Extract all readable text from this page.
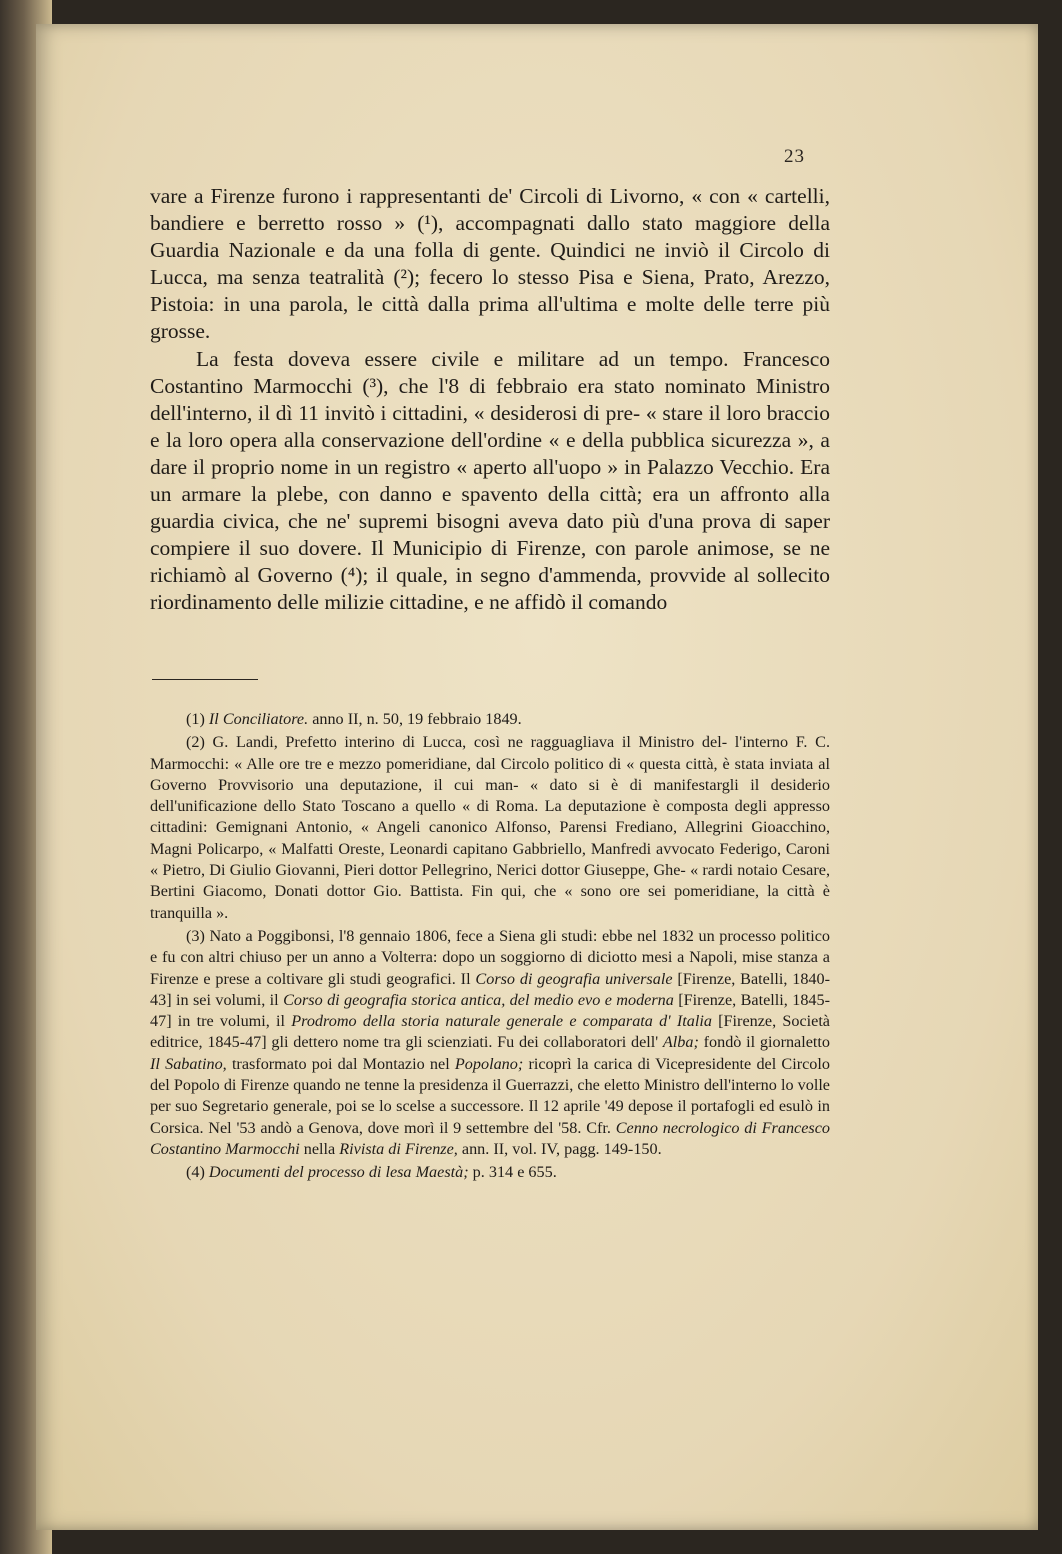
23

vare a Firenze furono i rappresentanti de' Circoli di Livorno, « con « cartelli, bandiere e berretto rosso » (¹), accompagnati dallo stato maggiore della Guardia Nazionale e da una folla di gente. Quindici ne inviò il Circolo di Lucca, ma senza teatralità (²); fecero lo stesso Pisa e Siena, Prato, Arezzo, Pistoia: in una parola, le città dalla prima all'ultima e molte delle terre più grosse.

La festa doveva essere civile e militare ad un tempo. Francesco Costantino Marmocchi (³), che l'8 di febbraio era stato nominato Ministro dell'interno, il dì 11 invitò i cittadini, « desiderosi di pre- « stare il loro braccio e la loro opera alla conservazione dell'ordine « e della pubblica sicurezza », a dare il proprio nome in un registro « aperto all'uopo » in Palazzo Vecchio. Era un armare la plebe, con danno e spavento della città; era un affronto alla guardia civica, che ne' supremi bisogni aveva dato più d'una prova di saper compiere il suo dovere. Il Municipio di Firenze, con parole animose, se ne richiamò al Governo (⁴); il quale, in segno d'ammenda, provvide al sollecito riordinamento delle milizie cittadine, e ne affidò il comando

(1) Il Conciliatore. anno II, n. 50, 19 febbraio 1849.

(2) G. Landi, Prefetto interino di Lucca, così ne ragguagliava il Ministro del- l'interno F. C. Marmocchi: « Alle ore tre e mezzo pomeridiane, dal Circolo politico di « questa città, è stata inviata al Governo Provvisorio una deputazione, il cui man- « dato si è di manifestargli il desiderio dell'unificazione dello Stato Toscano a quello « di Roma. La deputazione è composta degli appresso cittadini: Gemignani Antonio, « Angeli canonico Alfonso, Parensi Frediano, Allegrini Gioacchino, Magni Policarpo, « Malfatti Oreste, Leonardi capitano Gabbriello, Manfredi avvocato Federigo, Caroni « Pietro, Di Giulio Giovanni, Pieri dottor Pellegrino, Nerici dottor Giuseppe, Ghe- « rardi notaio Cesare, Bertini Giacomo, Donati dottor Gio. Battista. Fin qui, che « sono ore sei pomeridiane, la città è tranquilla ».

(3) Nato a Poggibonsi, l'8 gennaio 1806, fece a Siena gli studi: ebbe nel 1832 un processo politico e fu con altri chiuso per un anno a Volterra: dopo un soggiorno di diciotto mesi a Napoli, mise stanza a Firenze e prese a coltivare gli studi geografici. Il Corso di geografia universale [Firenze, Batelli, 1840-43] in sei volumi, il Corso di geografia storica antica, del medio evo e moderna [Firenze, Batelli, 1845-47] in tre volumi, il Prodromo della storia naturale generale e comparata d' Italia [Firenze, Società editrice, 1845-47] gli dettero nome tra gli scienziati. Fu dei collaboratori dell' Alba; fondò il giornaletto Il Sabatino, trasformato poi dal Montazio nel Popolano; ricoprì la carica di Vicepresidente del Circolo del Popolo di Firenze quando ne tenne la presidenza il Guerrazzi, che eletto Ministro dell'interno lo volle per suo Segretario generale, poi se lo scelse a successore. Il 12 aprile '49 depose il portafogli ed esulò in Corsica. Nel '53 andò a Genova, dove morì il 9 settembre del '58. Cfr. Cenno necrologico di Francesco Costantino Marmocchi nella Rivista di Firenze, ann. II, vol. IV, pagg. 149-150.

(4) Documenti del processo di lesa Maestà; p. 314 e 655.
